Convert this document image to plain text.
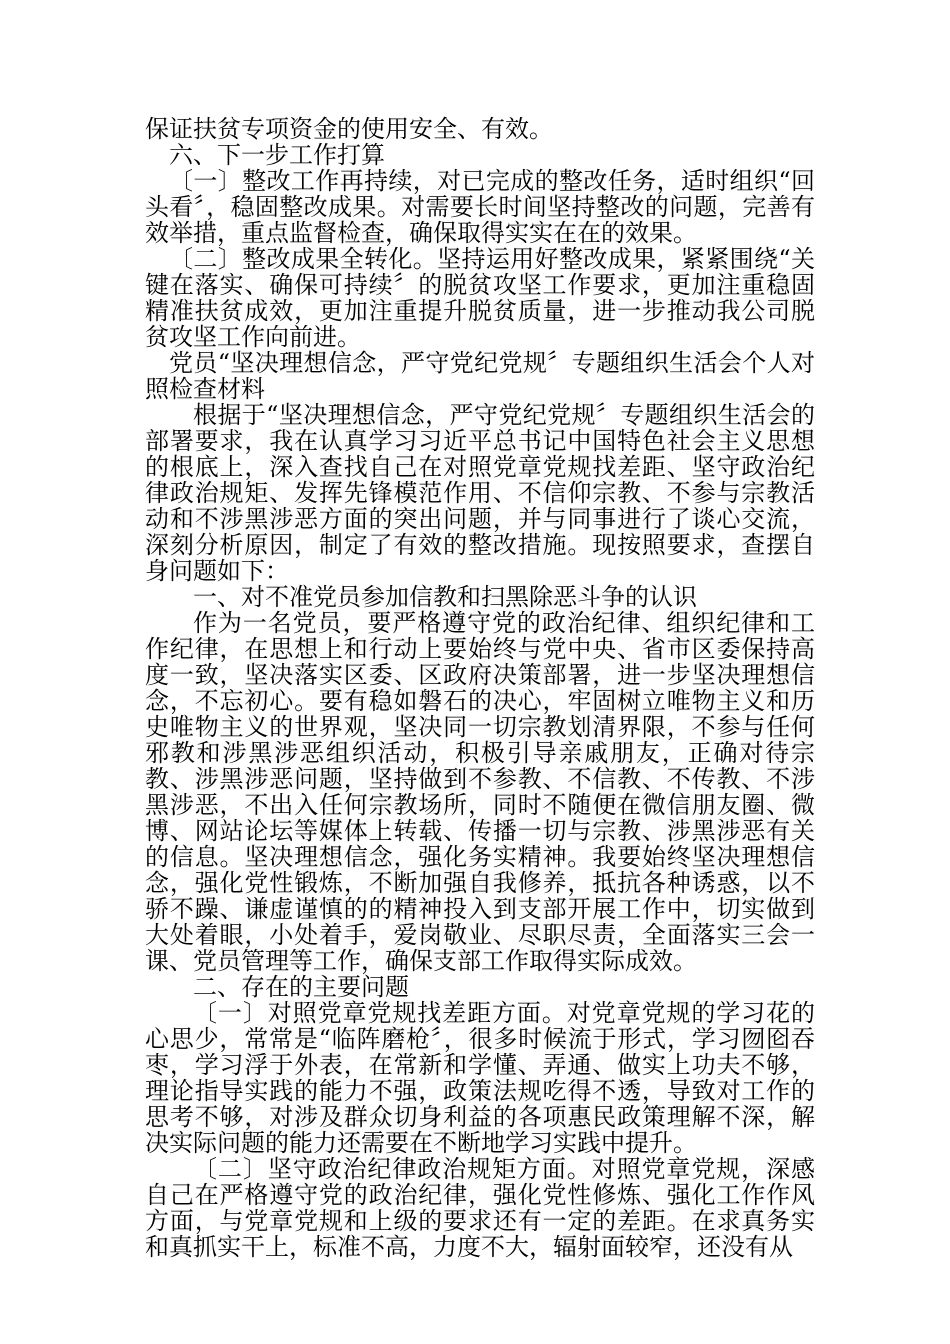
保证扶贫专项资金的使用安全、有效。

六、下一步工作打算

〔一〕整改工作再持续，对已完成的整改任务，适时组织“回头看〞，稳固整改成果。对需要长时间坚持整改的问题，完善有效举措，重点监督检查，确保取得实实在在的效果。

〔二〕整改成果全转化。坚持运用好整改成果，紧紧围绕“关键在落实、确保可持续〞的脱贫攻坚工作要求，更加注重稳固精准扶贫成效，更加注重提升脱贫质量，进一步推动我公司脱贫攻坚工作向前进。

党员“坚决理想信念，严守党纪党规〞专题组织生活会个人对照检查材料

根据于“坚决理想信念，严守党纪党规〞专题组织生活会的部署要求，我在认真学习习近平总书记中国特色社会主义思想的根底上，深入查找自己在对照党章党规找差距、坚守政治纪律政治规矩、发挥先锋模范作用、不信仰宗教、不参与宗教活动和不涉黑涉恶方面的突出问题，并与同事进行了谈心交流，深刻分析原因，制定了有效的整改措施。现按照要求，查摆自身问题如下：

一、对不准党员参加信教和扫黑除恶斗争的认识

作为一名党员，要严格遵守党的政治纪律、组织纪律和工作纪律，在思想上和行动上要始终与党中央、省市区委保持高度一致，坚决落实区委、区政府决策部署，进一步坚决理想信念，不忘初心。要有稳如磐石的决心，牢固树立唯物主义和历史唯物主义的世界观，坚决同一切宗教划清界限，不参与任何邪教和涉黑涉恶组织活动，积极引导亲戚朋友，正确对待宗教、涉黑涉恶问题，坚持做到不参教、不信教、不传教、不涉黑涉恶，不出入任何宗教场所，同时不随便在微信朋友圈、微博、网站论坛等媒体上转载、传播一切与宗教、涉黑涉恶有关的信息。坚决理想信念，强化务实精神。我要始终坚决理想信念，强化党性锻炼，不断加强自我修养，抵抗各种诱惑，以不骄不躁、谦虚谨慎的的精神投入到支部开展工作中，切实做到大处着眼，小处着手，爱岗敬业、尽职尽责，全面落实三会一课、党员管理等工作，确保支部工作取得实际成效。

二、存在的主要问题

〔一〕对照党章党规找差距方面。对党章党规的学习花的心思少，常常是“临阵磨枪〞，很多时候流于形式，学习囫囵吞枣，学习浮于外表，在常新和学懂、弄通、做实上功夫不够，理论指导实践的能力不强，政策法规吃得不透，导致对工作的思考不够，对涉及群众切身利益的各项惠民政策理解不深，解决实际问题的能力还需要在不断地学习实践中提升。

〔二〕坚守政治纪律政治规矩方面。对照党章党规，深感自己在严格遵守党的政治纪律，强化党性修炼、强化工作作风方面，与党章党规和上级的要求还有一定的差距。在求真务实和真抓实干上，标准不高，力度不大，辐射面较窄，还没有从
